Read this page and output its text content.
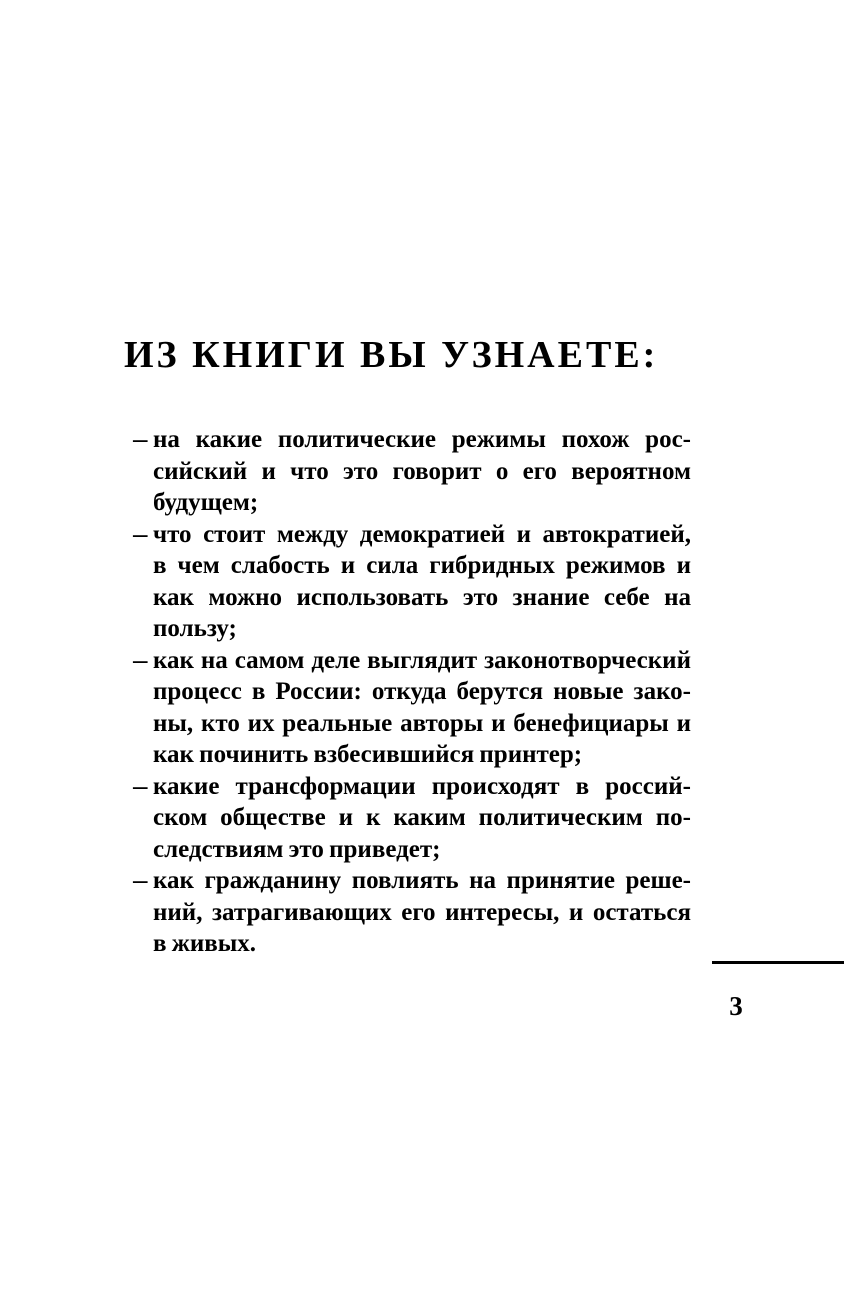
ИЗ КНИГИ ВЫ УЗНАЕТЕ:
— на какие политические режимы похож рос-
сийский и что это говорит о его вероятном
будущем;
— что стоит между демократией и автократией,
в чем слабость и сила гибридных режимов и
как можно использовать это знание себе на
пользу;
— как на самом деле выглядит законотворческий
процесс в России: откуда берутся новые зако-
ны, кто их реальные авторы и бенефициары и
как починить взбесившийся принтер;
— какие трансформации происходят в россий-
ском обществе и к каким политическим по-
следствиям это приведет;
— как гражданину повлиять на принятие реше-
ний, затрагивающих его интересы, и остаться
в живых.
3
